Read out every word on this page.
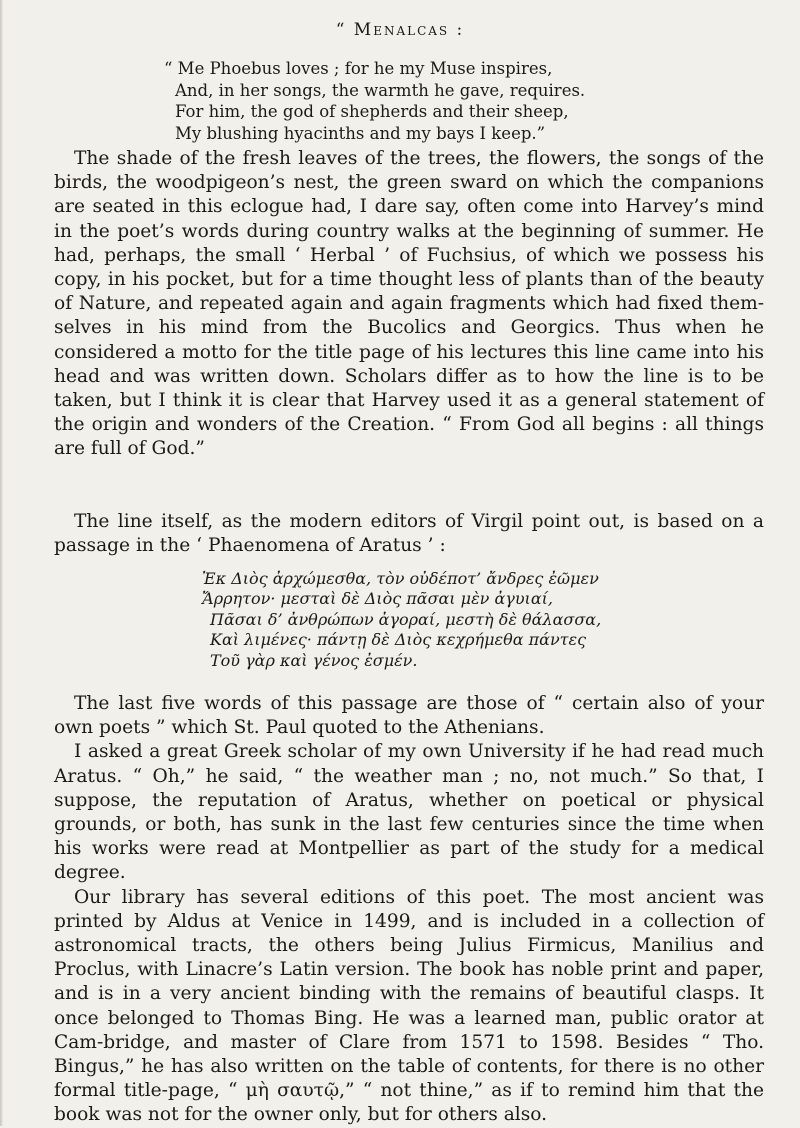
“ Menalcas :
“ Me Phoebus loves ; for he my Muse inspires,
And, in her songs, the warmth he gave, requires.
For him, the god of shepherds and their sheep,
My blushing hyacinths and my bays I keep.”

The shade of the fresh leaves of the trees, the flowers, the songs of the birds, the woodpigeon’s nest, the green sward on which the companions are seated in this eclogue had, I dare say, often come into Harvey’s mind in the poet’s words during country walks at the beginning of summer. He had, perhaps, the small ‘ Herbal ’ of Fuchsius, of which we possess his copy, in his pocket, but for a time thought less of plants than of the beauty of Nature, and repeated again and again fragments which had fixed them-selves in his mind from the Bucolics and Georgics. Thus when he considered a motto for the title page of his lectures this line came into his head and was written down. Scholars differ as to how the line is to be taken, but I think it is clear that Harvey used it as a general statement of the origin and wonders of the Creation. “ From God all begins : all things are full of God.”

The line itself, as the modern editors of Virgil point out, is based on a passage in the ‘ Phaenomena of Aratus ’ :

Ἐκ Διὸς ἀρχώμεσθα, τὸν οὐδέποτ’ ἄνδρες ἐῶμεν
Ἄρρητον· μεσταὶ δὲ Διὸς πᾶσαι μὲν ἀγυιαί,
Πᾶσαι δ’ ἀνθρώπων ἀγοραί, μεστὴ δὲ θάλασσα,
Καὶ λιμένες· πάντῃ δὲ Διὸς κεχρήμεθα πάντες
Τοῦ γὰρ καὶ γένος ἐσμέν.

The last five words of this passage are those of “ certain also of your own poets ” which St. Paul quoted to the Athenians.

I asked a great Greek scholar of my own University if he had read much Aratus. “ Oh,” he said, “ the weather man ; no, not much.” So that, I suppose, the reputation of Aratus, whether on poetical or physical grounds, or both, has sunk in the last few centuries since the time when his works were read at Montpellier as part of the study for a medical degree.

Our library has several editions of this poet. The most ancient was printed by Aldus at Venice in 1499, and is included in a collection of astronomical tracts, the others being Julius Firmicus, Manilius and Proclus, with Linacre’s Latin version. The book has noble print and paper, and is in a very ancient binding with the remains of beautiful clasps. It once belonged to Thomas Bing. He was a learned man, public orator at Cam-bridge, and master of Clare from 1571 to 1598. Besides “ Tho. Bingus,” he has also written on the table of contents, for there is no other formal title-page, “ μὴ σαυτῷ,” “ not thine,” as if to remind him that the book was not for the owner only, but for others also.
